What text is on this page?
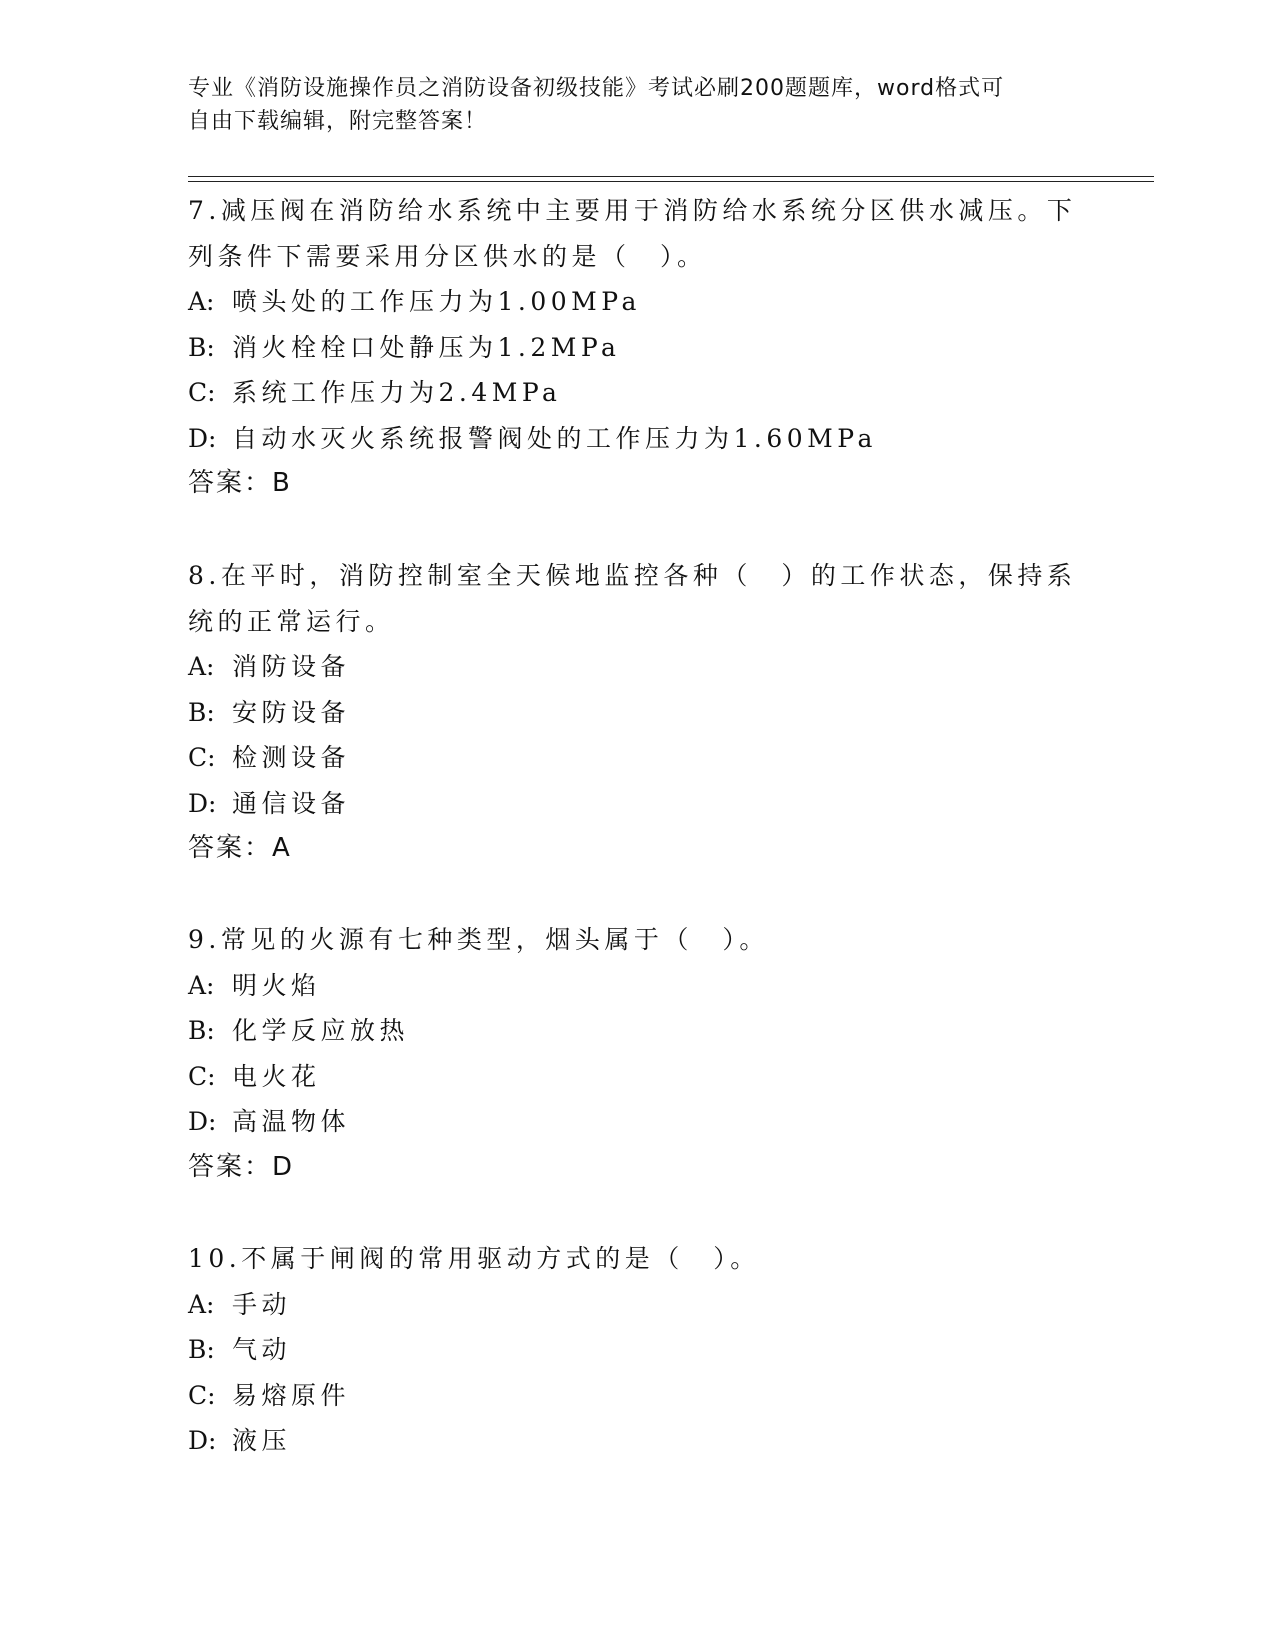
专业《消防设施操作员之消防设备初级技能》考试必刷200题题库，word格式可
自由下载编辑，附完整答案！
7.减压阀在消防给水系统中主要用于消防给水系统分区供水减压。下
列条件下需要采用分区供水的是（　）。
A: 喷头处的工作压力为1.00MPa
B: 消火栓栓口处静压为1.2MPa
C: 系统工作压力为2.4MPa
D: 自动水灭火系统报警阀处的工作压力为1.60MPa
答案：B
8.在平时，消防控制室全天候地监控各种（　）的工作状态，保持系
统的正常运行。
A: 消防设备
B: 安防设备
C: 检测设备
D: 通信设备
答案：A
9.常见的火源有七种类型，烟头属于（　）。
A: 明火焰
B: 化学反应放热
C: 电火花
D: 高温物体
答案：D
10.不属于闸阀的常用驱动方式的是（　）。
A: 手动
B: 气动
C: 易熔原件
D: 液压
